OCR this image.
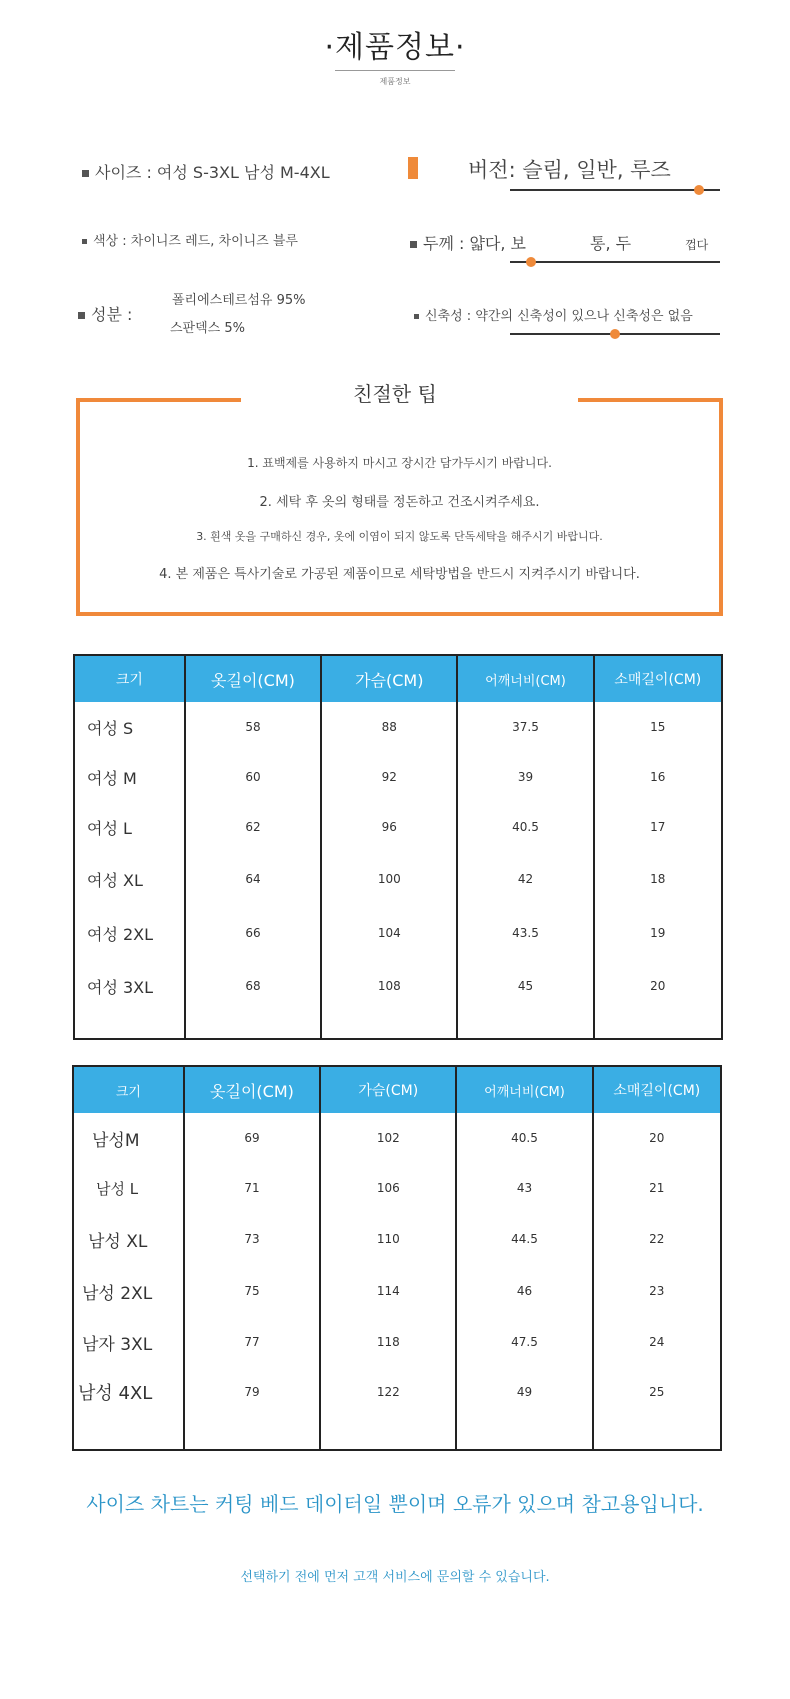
·제품정보·
제품정보
사이즈 : 여성 S-3XL 남성 M-4XL	버전: 슬림, 일반, 루즈
색상 : 차이니즈 레드, 차이니즈 블루	두께 : 얇다, 보	통, 두	껍다
성분 :
폴리에스테르섬유 95%
스판덱스 5%
신축성 : 약간의 신축성이 있으나 신축성은 없음
친절한 팁
1. 표백제를 사용하지 마시고 장시간 담가두시기 바랍니다.
2. 세탁 후 옷의 형태를 정돈하고 건조시켜주세요.
3. 흰색 옷을 구매하신 경우, 옷에 이염이 되지 않도록 단독세탁을 해주시기 바랍니다.
4. 본 제품은 특사기술로 가공된 제품이므로 세탁방법을 반드시 지켜주시기 바랍니다.
크기	옷길이(CM)	가슴(CM)	어깨너비(CM)	소매길이(CM)
여성 S	58	88	37.5	15
여성 M	60	92	39	16
여성 L	62	96	40.5	17
여성 XL	64	100	42	18
여성 2XL	66	104	43.5	19
여성 3XL	68	108	45	20

크기	옷길이(CM)	가슴(CM)	어깨너비(CM)	소매길이(CM)
남성M	69	102	40.5	20
남성 L	71	106	43	21
남성 XL	73	110	44.5	22
남성 2XL	75	114	46	23
남자 3XL	77	118	47.5	24
남성 4XL	79	122	49	25

사이즈 차트는 커팅 베드 데이터일 뿐이며 오류가 있으며 참고용입니다.
선택하기 전에 먼저 고객 서비스에 문의할 수 있습니다.
